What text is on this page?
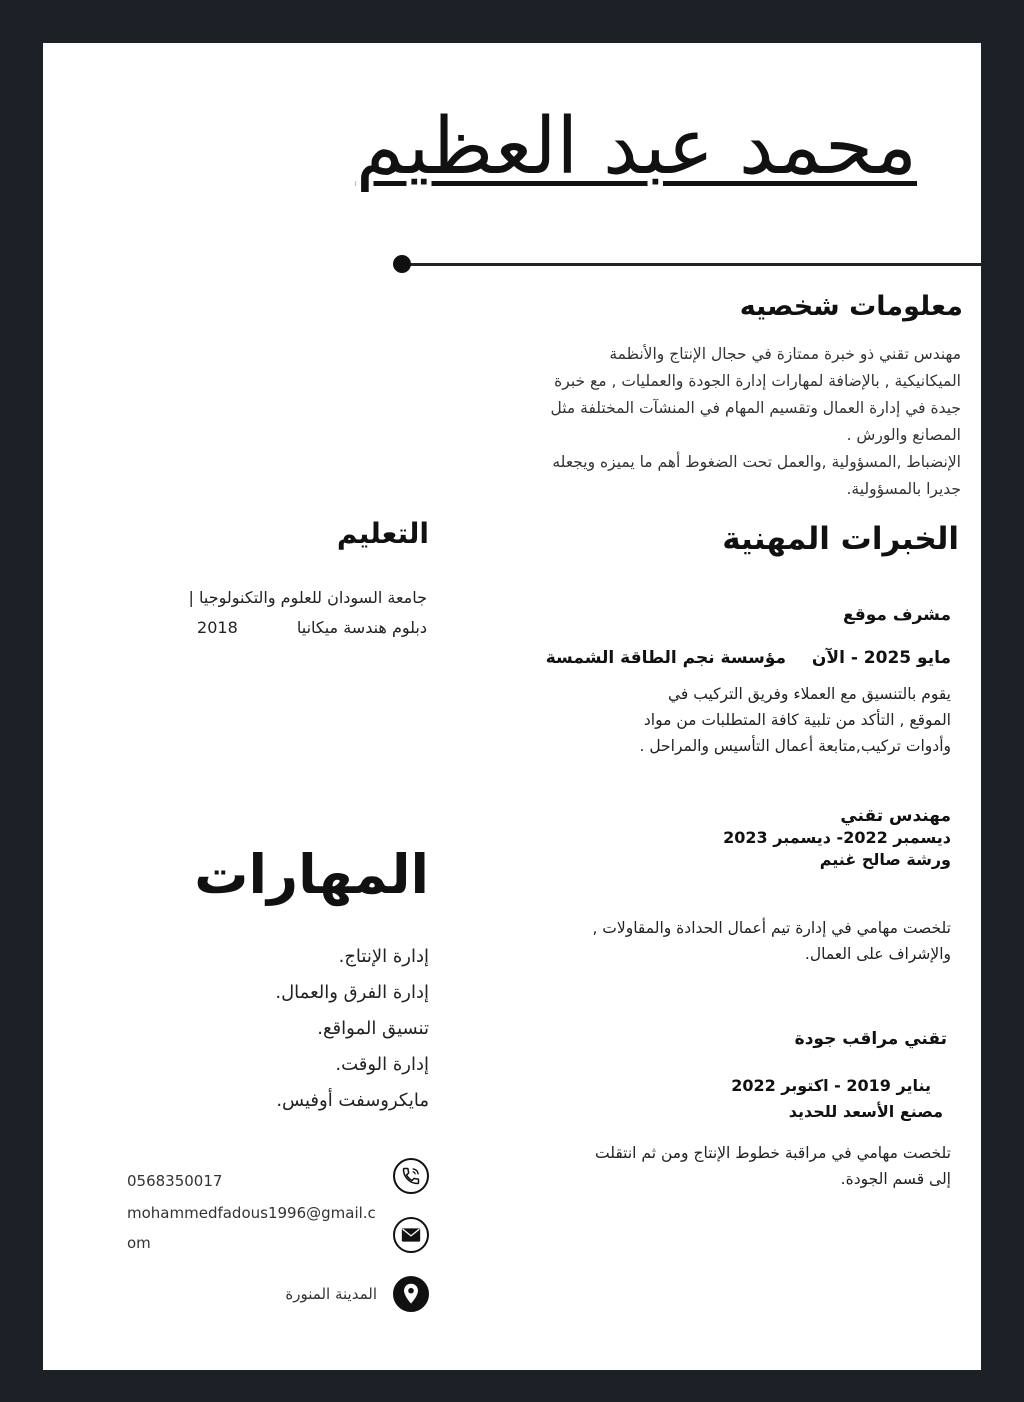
محمد عبد العظيم
معلومات شخصيه
مهندس تقني ذو خبرة ممتازة في حجال الإنتاج والأنظمة
الميكانيكية , بالإضافة لمهارات إدارة الجودة والعمليات , مع خبرة
جيدة في إدارة العمال وتقسيم المهام في المنشآت المختلفة مثل
المصانع والورش .
الإنضباط ,المسؤولية ,والعمل تحت الضغوط أهم ما يميزه ويجعله
جديرا بالمسؤولية.
الخبرات المهنية
مشرف موقع
مايو 2025 - الآن  مؤسسة نجم الطاقة الشمسة
يقوم بالتنسيق مع العملاء وفريق التركيب في
الموقع , التأكد من تلبية كافة المتطلبات من مواد
وأدوات تركيب,متابعة أعمال التأسيس والمراحل .
مهندس تقني
ديسمبر 2022- ديسمبر 2023
ورشة صالح غنيم
تلخصت مهامي في إدارة تيم أعمال الحدادة والمقاولات ,
والإشراف على العمال.
تقني مراقب جودة
يناير 2019 - اكتوبر 2022
مصنع الأسعد للحديد
تلخصت مهامي في مراقبة خطوط الإنتاج ومن ثم انتقلت
إلى قسم الجودة.
التعليم
جامعة السودان للعلوم والتكنولوجيا |
دبلوم هندسة ميكانيا 2018
المهارات
إدارة الإنتاج.
إدارة الفرق والعمال.
تنسيق المواقع.
إدارة الوقت.
مايكروسفت أوفيس.
0568350017
mohammedfadous1996@gmail.c
om
المدينة المنورة
